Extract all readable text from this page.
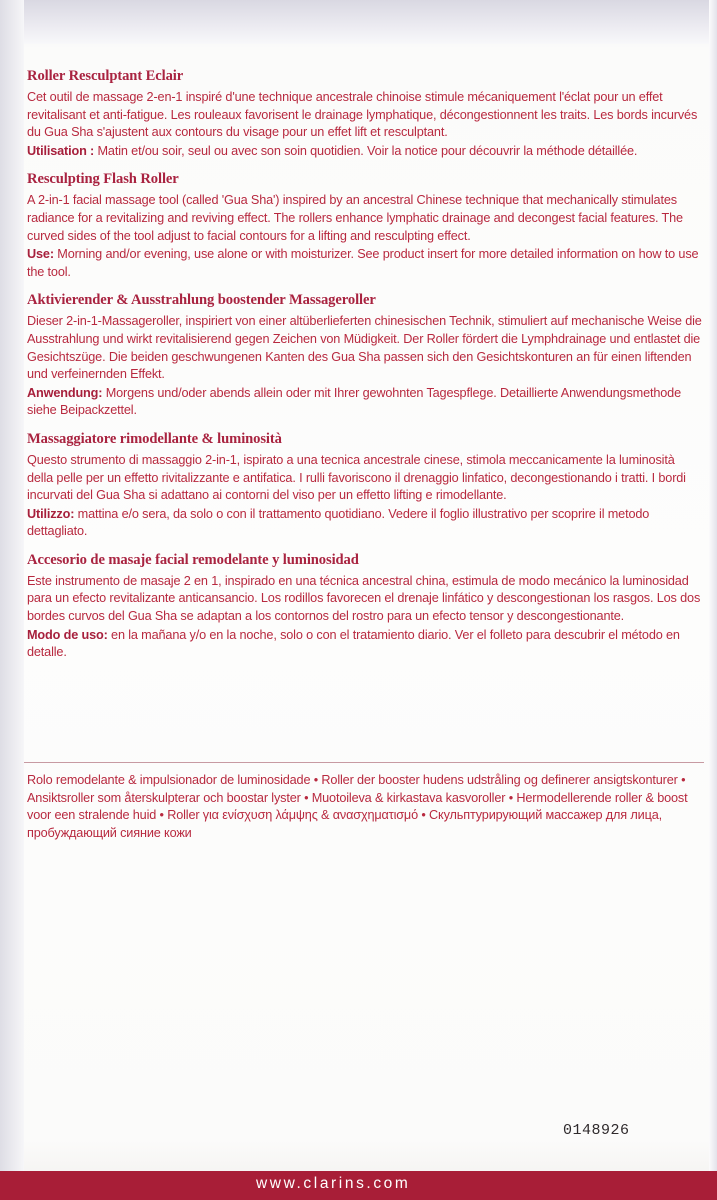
Roller Resculptant Eclair

Cet outil de massage 2-en-1 inspiré d'une technique ancestrale chinoise stimule mécaniquement l'éclat pour un effet revitalisant et anti-fatigue. Les rouleaux favorisent le drainage lymphatique, décongestionnent les traits. Les bords incurvés du Gua Sha s'ajustent aux contours du visage pour un effet lift et resculptant.

Utilisation : Matin et/ou soir, seul ou avec son soin quotidien. Voir la notice pour découvrir la méthode détaillée.

Resculpting Flash Roller

A 2-in-1 facial massage tool (called 'Gua Sha') inspired by an ancestral Chinese technique that mechanically stimulates radiance for a revitalizing and reviving effect. The rollers enhance lymphatic drainage and decongest facial features. The curved sides of the tool adjust to facial contours for a lifting and resculpting effect.

Use: Morning and/or evening, use alone or with moisturizer. See product insert for more detailed information on how to use the tool.

Aktivierender & Ausstrahlung boostender Massageroller

Dieser 2-in-1-Massageroller, inspiriert von einer altüberlieferten chinesischen Technik, stimuliert auf mechanische Weise die Ausstrahlung und wirkt revitalisierend gegen Zeichen von Müdigkeit. Der Roller fördert die Lymphdrainage und entlastet die Gesichtszüge. Die beiden geschwungenen Kanten des Gua Sha passen sich den Gesichtskonturen an für einen liftenden und verfeinernden Effekt.

Anwendung: Morgens und/oder abends allein oder mit Ihrer gewohnten Tagespflege. Detaillierte Anwendungsmethode siehe Beipackzettel.

Massaggiatore rimodellante & luminosità

Questo strumento di massaggio 2-in-1, ispirato a una tecnica ancestrale cinese, stimola meccanicamente la luminosità della pelle per un effetto rivitalizzante e antifatica. I rulli favoriscono il drenaggio linfatico, decongestionando i tratti. I bordi incurvati del Gua Sha si adattano ai contorni del viso per un effetto lifting e rimodellante.

Utilizzo: mattina e/o sera, da solo o con il trattamento quotidiano. Vedere il foglio illustrativo per scoprire il metodo dettagliato.

Accesorio de masaje facial remodelante y luminosidad

Este instrumento de masaje 2 en 1, inspirado en una técnica ancestral china, estimula de modo mecánico la luminosidad para un efecto revitalizante anticansancio. Los rodillos favorecen el drenaje linfático y descongestionan los rasgos. Los dos bordes curvos del Gua Sha se adaptan a los contornos del rostro para un efecto tensor y descongestionante.

Modo de uso: en la mañana y/o en la noche, solo o con el tratamiento diario. Ver el folleto para descubrir el método en detalle.

Rolo remodelante & impulsionador de luminosidade • Roller der booster hudens udstråling og definerer ansigtskonturer • Ansiktsroller som återskulpterar och boostar lyster • Muotoileva & kirkastava kasvoroller • Hermodellerende roller & boost voor een stralende huid • Roller για ενίσχυση λάμψης & ανασχηματισμό • Скульптурирующий массажер для лица, пробуждающий сияние кожи

0148926
www.clarins.com
